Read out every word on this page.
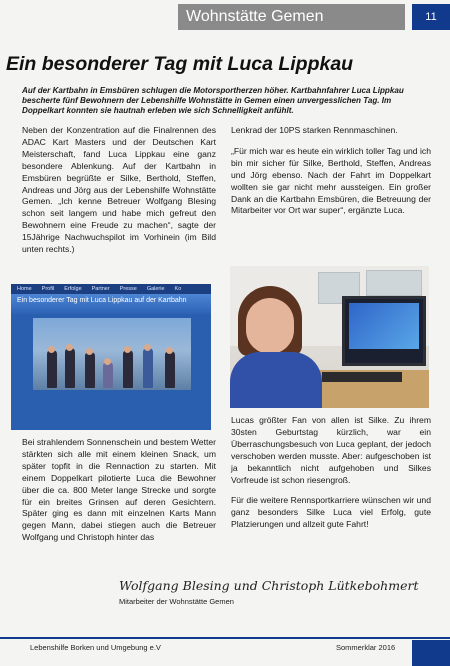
Wohnstätte Gemen	11
Ein besonderer Tag mit Luca Lippkau

Auf der Kartbahn in Emsbüren schlugen die Motorsportherzen höher. Kartbahnfahrer Luca Lippkau bescherte fünf Bewohnern der Lebenshilfe Wohnstätte in Gemen einen unvergesslichen Tag. Im Doppelkart konnten sie hautnah erleben wie sich Schnelligkeit anfühlt.

Neben der Konzentration auf die Finalrennen des ADAC Kart Masters und der Deutschen Kart Meisterschaft, fand Luca Lippkau eine ganz besondere Ablenkung. Auf der Kartbahn in Emsbüren begrüßte er Silke, Berthold, Steffen, Andreas und Jörg aus der Lebenshilfe Wohnstätte Gemen. „Ich kenne Betreuer Wolfgang Blesing schon seit langem und habe mich gefreut den Bewohnern eine Freude zu machen“, sagte der 15Jährige Nachwuchspilot im Vorhinein (im Bild unten rechts.)

Lenkrad der 10PS starken Rennmaschinen.

„Für mich war es heute ein wirklich toller Tag und ich bin mir sicher für Silke, Berthold, Steffen, Andreas und Jörg ebenso. Nach der Fahrt im Doppelkart wollten sie gar nicht mehr aussteigen. Ein großer Dank an die Kartbahn Emsbüren, die Betreuung der Mitarbeiter vor Ort war super“, ergänzte Luca.

Home Profil Erfolge Partner Presse Galerie Ko
Ein besonderer Tag mit Luca Lippkau auf der Kartbahn

Bei strahlendem Sonnenschein und bestem Wetter stärkten sich alle mit einem kleinen Snack, um später topfit in die Rennaction zu starten. Mit einem Doppelkart pilotierte Luca die Bewohner über die ca. 800 Meter lange Strecke und sorgte für ein breites Grinsen auf deren Gesichtern. Später ging es dann mit einzelnen Karts Mann gegen Mann, dabei stiegen auch die Betreuer Wolfgang und Christoph hinter das

Lucas größter Fan von allen ist Silke. Zu ihrem 30sten Geburtstag kürzlich, war ein Überraschungsbesuch von Luca geplant, der jedoch verschoben werden musste. Aber: aufgeschoben ist ja bekanntlich nicht aufgehoben und Silkes Vorfreude ist schon riesengroß.

Für die weitere Rennsportkarriere wünschen wir und ganz besonders Silke Luca viel Erfolg, gute Platzierungen und allzeit gute Fahrt!

Wolfgang Blesing und Christoph Lütkebohmert
Mitarbeiter der Wohnstätte Gemen
Lebenshilfe Borken und Umgebung e.V	Sommerklar 2016
